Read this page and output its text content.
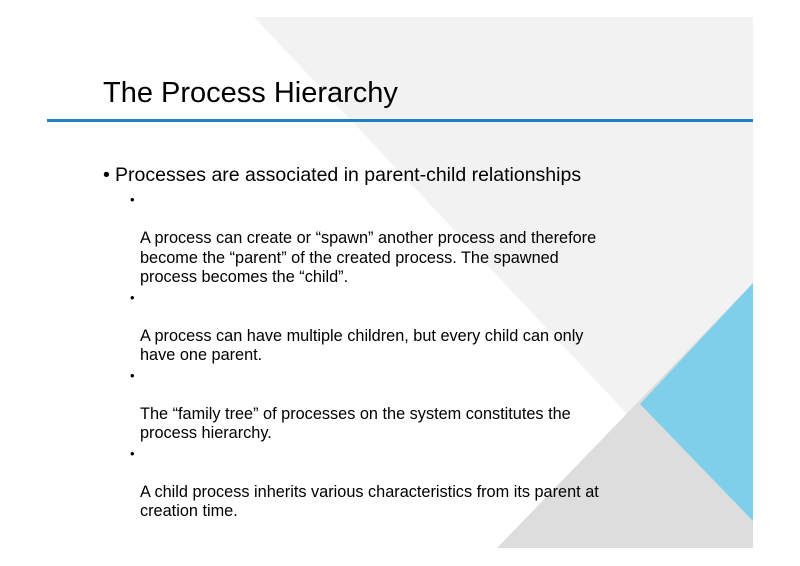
The Process Hierarchy
• Processes are associated in parent-child relationships

•

A process can create or “spawn” another process and therefore
become the “parent” of the created process. The spawned
process becomes the “child”.

•

A process can have multiple children, but every child can only
have one parent.

•

The “family tree” of processes on the system constitutes the
process hierarchy.

•

A child process inherits various characteristics from its parent at
creation time.
